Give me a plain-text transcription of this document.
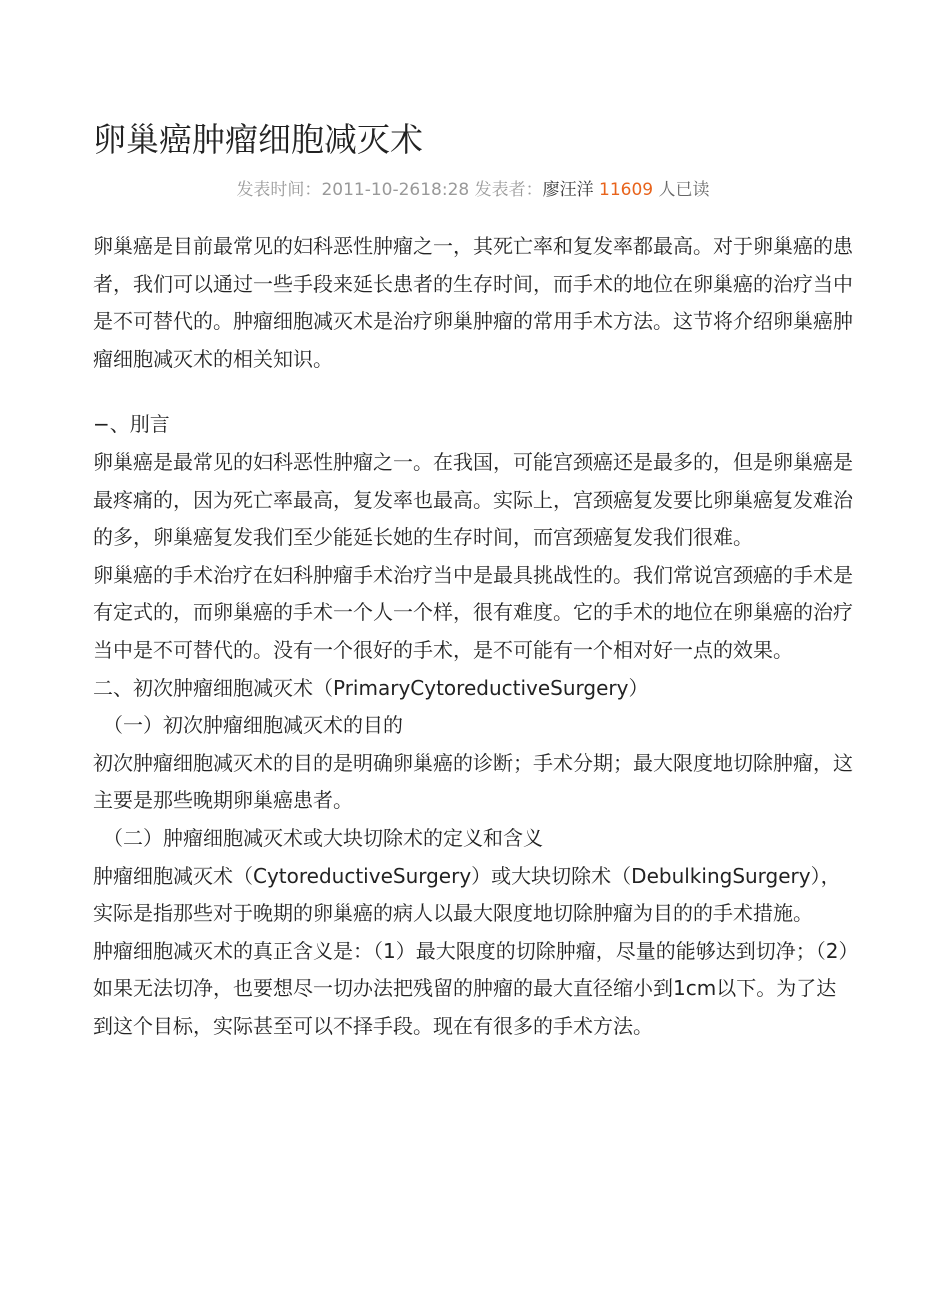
卵巢癌肿瘤细胞减灭术
发表时间：2011-10-2618:28 发表者：廖汪洋 11609 人已读

卵巢癌是目前最常见的妇科恶性肿瘤之一，其死亡率和复发率都最高。对于卵巢癌的患者，我们可以通过一些手段来延长患者的生存时间，而手术的地位在卵巢癌的治疗当中是不可替代的。肿瘤细胞减灭术是治疗卵巢肿瘤的常用手术方法。这节将介绍卵巢癌肿瘤细胞减灭术的相关知识。

−、刖言

卵巢癌是最常见的妇科恶性肿瘤之一。在我国，可能宫颈癌还是最多的，但是卵巢癌是最疼痛的，因为死亡率最高，复发率也最高。实际上，宫颈癌复发要比卵巢癌复发难治的多，卵巢癌复发我们至少能延长她的生存时间，而宫颈癌复发我们很难。

卵巢癌的手术治疗在妇科肿瘤手术治疗当中是最具挑战性的。我们常说宫颈癌的手术是有定式的，而卵巢癌的手术一个人一个样，很有难度。它的手术的地位在卵巢癌的治疗当中是不可替代的。没有一个很好的手术，是不可能有一个相对好一点的效果。

二、初次肿瘤细胞减灭术（PrimaryCytoreductiveSurgery）

（一）初次肿瘤细胞减灭术的目的

初次肿瘤细胞减灭术的目的是明确卵巢癌的诊断；手术分期；最大限度地切除肿瘤，这主要是那些晚期卵巢癌患者。

（二）肿瘤细胞减灭术或大块切除术的定义和含义

肿瘤细胞减灭术（CytoreductiveSurgery）或大块切除术（DebulkingSurgery），实际是指那些对于晚期的卵巢癌的病人以最大限度地切除肿瘤为目的的手术措施。

肿瘤细胞减灭术的真正含义是：（1）最大限度的切除肿瘤，尽量的能够达到切净；（2）如果无法切净，也要想尽一切办法把残留的肿瘤的最大直径缩小到1cm以下。为了达到这个目标，实际甚至可以不择手段。现在有很多的手术方法。
